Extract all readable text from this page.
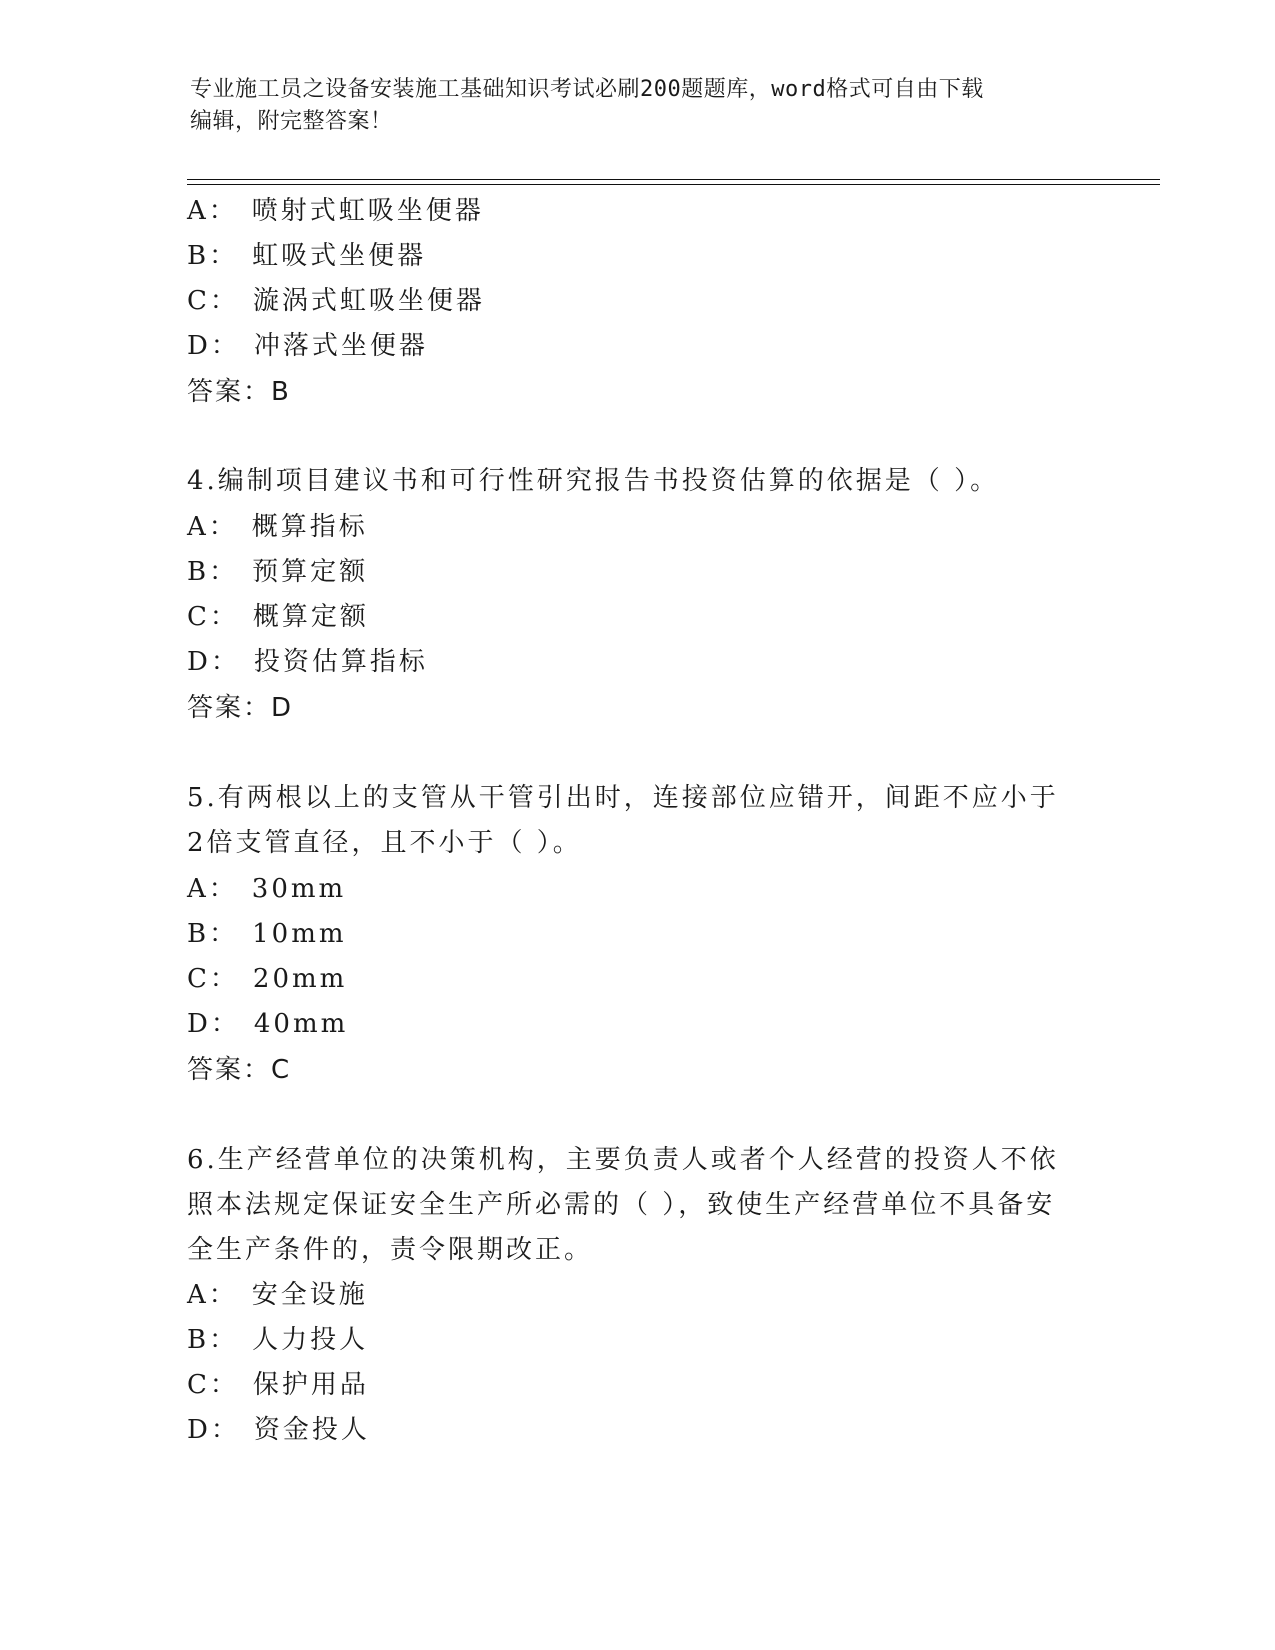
专业施工员之设备安装施工基础知识考试必刷200题题库，word格式可自由下载
编辑，附完整答案！
A： 喷射式虹吸坐便器
B： 虹吸式坐便器
C： 漩涡式虹吸坐便器
D： 冲落式坐便器
答案：B
4.编制项目建议书和可行性研究报告书投资估算的依据是（ ）。
A： 概算指标
B： 预算定额
C： 概算定额
D： 投资估算指标
答案：D
5.有两根以上的支管从干管引出时，连接部位应错开，间距不应小于
2倍支管直径，且不小于（ ）。
A： 30mm
B： 10mm
C： 20mm
D： 40mm
答案：C
6.生产经营单位的决策机构，主要负责人或者个人经营的投资人不依
照本法规定保证安全生产所必需的（ ），致使生产经营单位不具备安
全生产条件的，责令限期改正。
A： 安全设施
B： 人力投人
C： 保护用品
D： 资金投人
